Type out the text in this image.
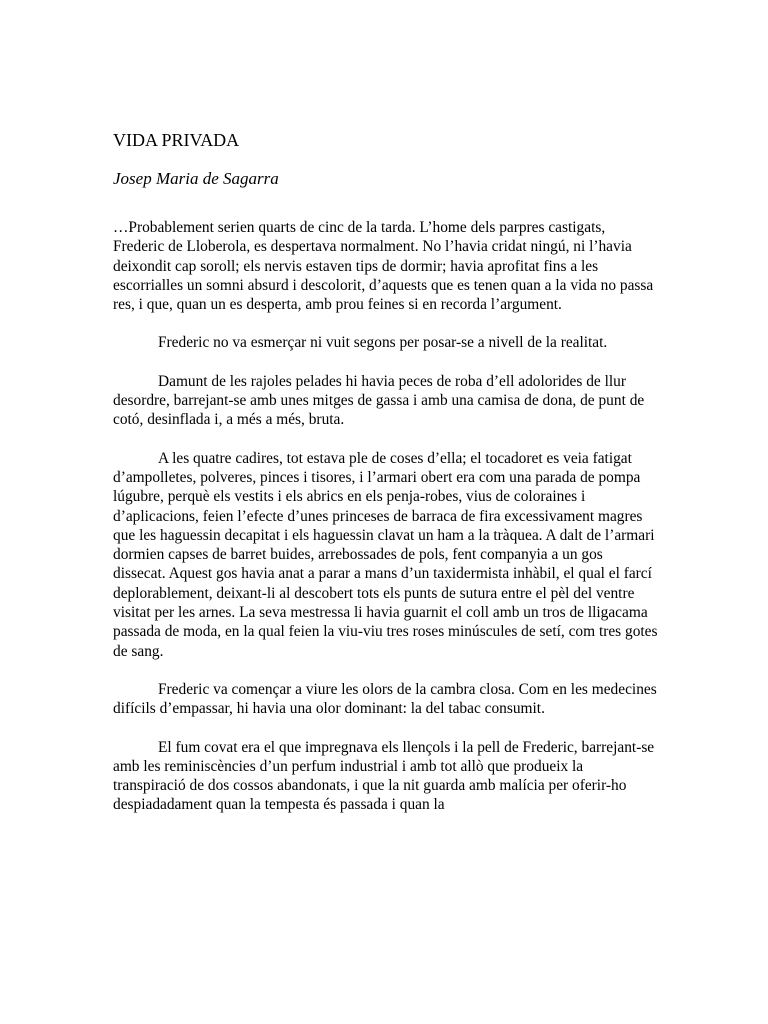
VIDA PRIVADA
Josep Maria de Sagarra

…Probablement serien quarts de cinc de la tarda. L’home dels parpres castigats, Frederic de Lloberola, es despertava normalment. No l’havia cridat ningú, ni l’havia deixondit cap soroll; els nervis estaven tips de dormir; havia aprofitat fins a les escorrialles un somni absurd i descolorit, d’aquests que es tenen quan a la vida no passa res, i que, quan un es desperta, amb prou feines si en recorda l’argument.

Frederic no va esmerçar ni vuit segons per posar-se a nivell de la realitat.

Damunt de les rajoles pelades hi havia peces de roba d’ell adolorides de llur desordre, barrejant-se amb unes mitges de gassa i amb una camisa de dona, de punt de cotó, desinflada i, a més a més, bruta.

A les quatre cadires, tot estava ple de coses d’ella; el tocadoret es veia fatigat d’ampolletes, polveres, pinces i tisores, i l’armari obert era com una parada de pompa lúgubre, perquè els vestits i els abrics en els penja-robes, vius de coloraines i d’aplicacions, feien l’efecte d’unes princeses de barraca de fira excessivament magres que les haguessin decapitat i els haguessin clavat un ham a la tràquea. A dalt de l’armari dormien capses de barret buides, arrebossades de pols, fent companyia a un gos dissecat. Aquest gos havia anat a parar a mans d’un taxidermista inhàbil, el qual el farcí deplorablement, deixant-li al descobert tots els punts de sutura entre el pèl del ventre visitat per les arnes. La seva mestressa li havia guarnit el coll amb un tros de lligacama passada de moda, en la qual feien la viu-viu tres roses minúscules de setí, com tres gotes de sang.

Frederic va començar a viure les olors de la cambra closa. Com en les medecines difícils d’empassar, hi havia una olor dominant: la del tabac consumit.

El fum covat era el que impregnava els llençols i la pell de Frederic, barrejant-se amb les reminiscències d’un perfum industrial i amb tot allò que produeix la transpiració de dos cossos abandonats, i que la nit guarda amb malícia per oferir-ho despiadadament quan la tempesta és passada i quan la
